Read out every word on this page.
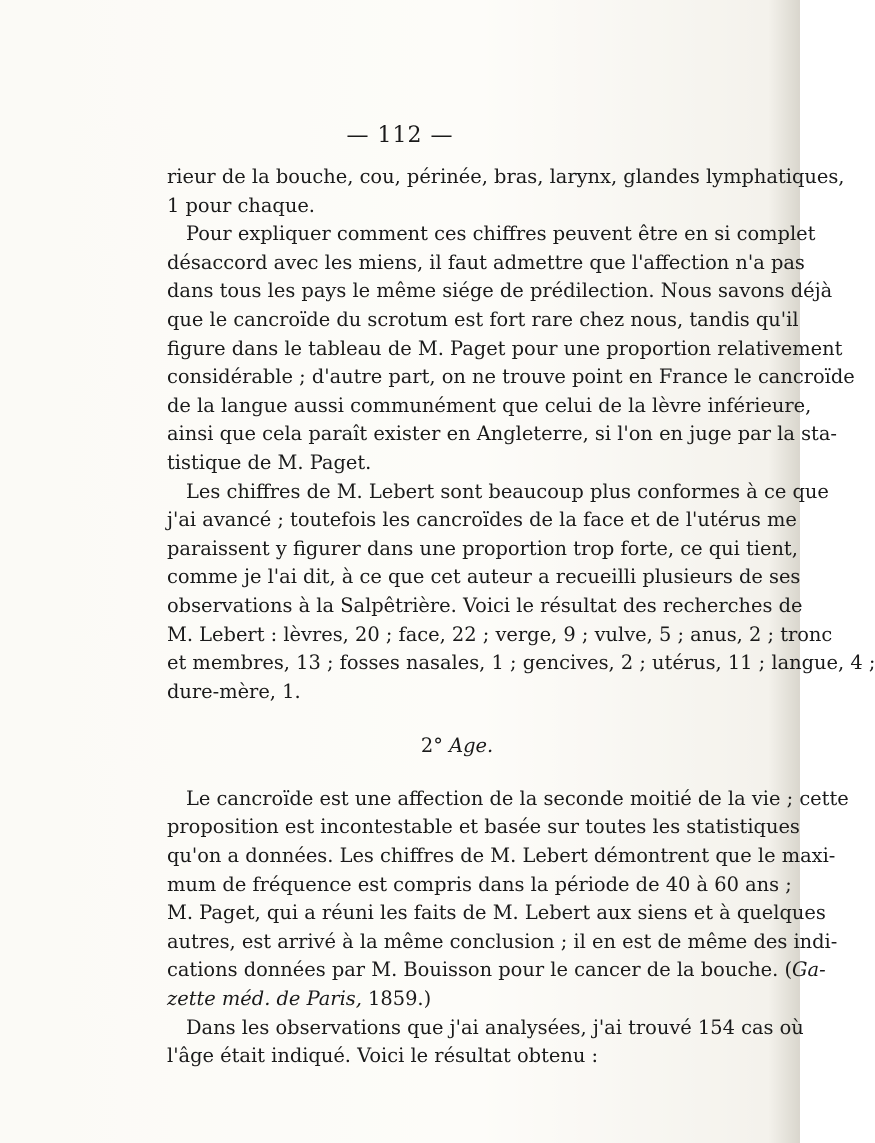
— 112 —
rieur de la bouche, cou, périnée, bras, larynx, glandes lymphatiques,
1 pour chaque.
Pour expliquer comment ces chiffres peuvent être en si complet
désaccord avec les miens, il faut admettre que l'affection n'a pas
dans tous les pays le même siége de prédilection. Nous savons déjà
que le cancroïde du scrotum est fort rare chez nous, tandis qu'il
figure dans le tableau de M. Paget pour une proportion relativement
considérable ; d'autre part, on ne trouve point en France le cancroïde
de la langue aussi communément que celui de la lèvre inférieure,
ainsi que cela paraît exister en Angleterre, si l'on en juge par la sta-
tistique de M. Paget.
Les chiffres de M. Lebert sont beaucoup plus conformes à ce que
j'ai avancé ; toutefois les cancroïdes de la face et de l'utérus me
paraissent y figurer dans une proportion trop forte, ce qui tient,
comme je l'ai dit, à ce que cet auteur a recueilli plusieurs de ses
observations à la Salpêtrière. Voici le résultat des recherches de
M. Lebert : lèvres, 20 ; face, 22 ; verge, 9 ; vulve, 5 ; anus, 2 ; tronc
et membres, 13 ; fosses nasales, 1 ; gencives, 2 ; utérus, 11 ; langue, 4 ;
dure-mère, 1.
2° Age.
Le cancroïde est une affection de la seconde moitié de la vie ; cette
proposition est incontestable et basée sur toutes les statistiques
qu'on a données. Les chiffres de M. Lebert démontrent que le maxi-
mum de fréquence est compris dans la période de 40 à 60 ans ;
M. Paget, qui a réuni les faits de M. Lebert aux siens et à quelques
autres, est arrivé à la même conclusion ; il en est de même des indi-
cations données par M. Bouisson pour le cancer de la bouche. (Ga-
zette méd. de Paris, 1859.)
Dans les observations que j'ai analysées, j'ai trouvé 154 cas où
l'âge était indiqué. Voici le résultat obtenu :
